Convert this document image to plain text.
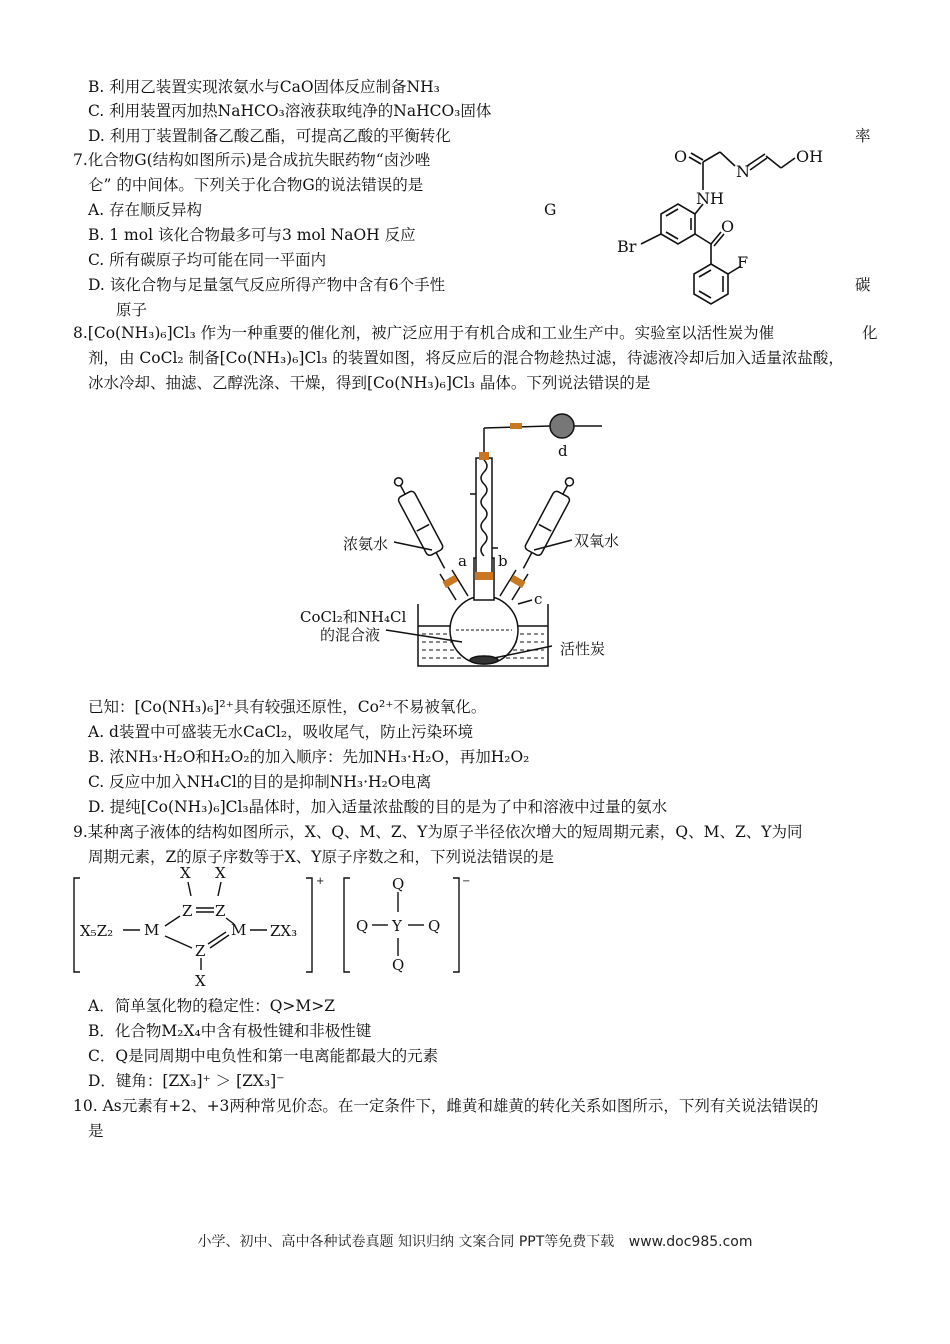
B. 利用乙装置实现浓氨水与CaO固体反应制备NH₃
C. 利用装置丙加热NaHCO₃溶液获取纯净的NaHCO₃固体
D. 利用丁装置制备乙酸乙酯，可提高乙酸的平衡转化	率
7.化合物G(结构如图所示)是合成抗失眠药物“卤沙唑
仑” 的中间体。下列关于化合物G的说法错误的是
A. 存在顺反异构	G
B. 1 mol 该化合物最多可与3 mol NaOH 反应
C. 所有碳原子均可能在同一平面内
D. 该化合物与足量氢气反应所得产物中含有6个手性	碳
原子
O
N
OH
NH
Br
O
F
8.[Co(NH₃)₆]Cl₃ 作为一种重要的催化剂，被广泛应用于有机合成和工业生产中。实验室以活性炭为催	化
剂，由 CoCl₂ 制备[Co(NH₃)₆]Cl₃ 的装置如图，将反应后的混合物趁热过滤，待滤液冷却后加入适量浓盐酸，
冰水冷却、抽滤、乙醇洗涤、干燥，得到[Co(NH₃)₆]Cl₃ 晶体。下列说法错误的是
浓氨水	双氧水
a b
c
d
CoCl₂和NH₄Cl
的混合液
活性炭
已知：[Co(NH₃)₆]²⁺具有较强还原性，Co²⁺不易被氧化。
A. d装置中可盛装无水CaCl₂，吸收尾气，防止污染环境
B. 浓NH₃·H₂O和H₂O₂的加入顺序：先加NH₃·H₂O，再加H₂O₂
C. 反应中加入NH₄Cl的目的是抑制NH₃·H₂O电离
D. 提纯[Co(NH₃)₆]Cl₃晶体时，加入适量浓盐酸的目的是为了中和溶液中过量的氨水
9.某种离子液体的结构如图所示，X、Q、M、Z、Y为原子半径依次增大的短周期元素，Q、M、Z、Y为同
周期元素，Z的原子序数等于X、Y原子序数之和，下列说法错误的是
X X
Z Z
M	M
Z
X
X₅Z₂	ZX₃
+	Q
Y
Q	Q
Q
−
A．简单氢化物的稳定性：Q>M>Z
B．化合物M₂X₄中含有极性键和非极性键
C．Q是同周期中电负性和第一电离能都最大的元素
D．键角：[ZX₃]⁺ ＞ [ZX₃]⁻
10. As元素有+2、+3两种常见价态。在一定条件下，雌黄和雄黄的转化关系如图所示，下列有关说法错误的
是
小学、初中、高中各种试卷真题 知识归纳 文案合同 PPT等免费下载 www.doc985.com
